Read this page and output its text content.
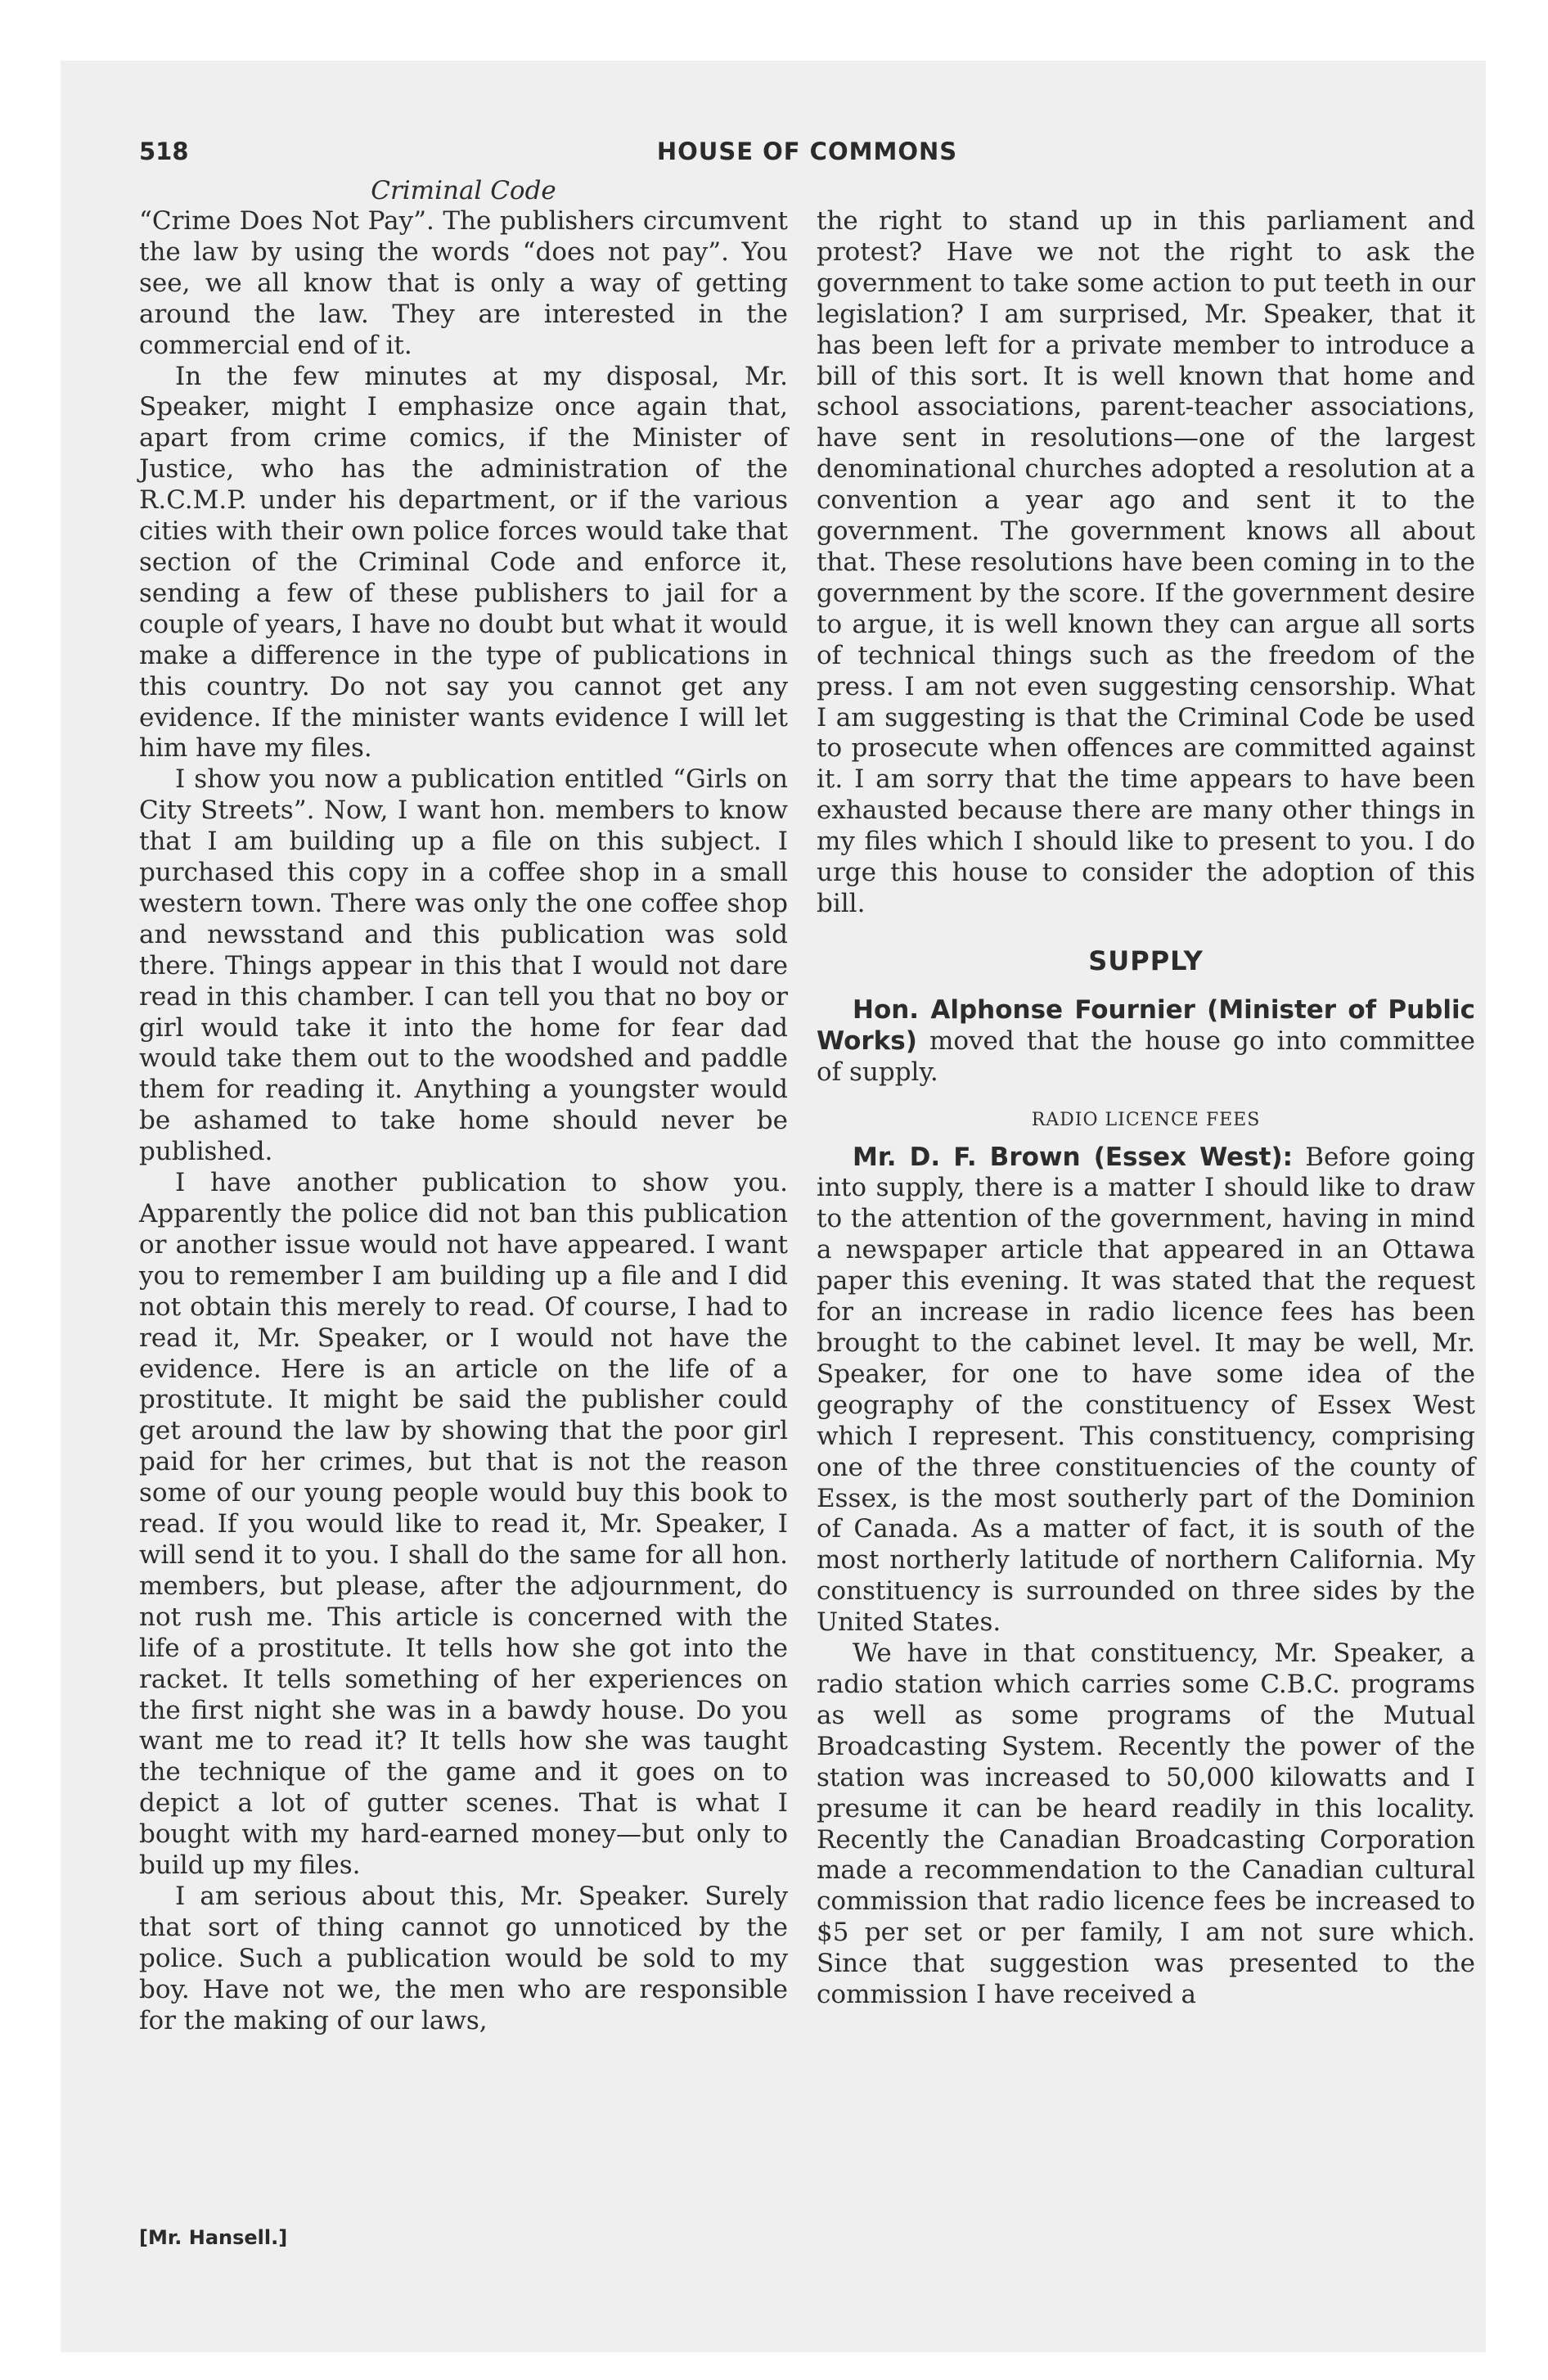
518	HOUSE OF COMMONS
Criminal Code

“Crime Does Not Pay”. The publishers circumvent the law by using the words “does not pay”. You see, we all know that is only a way of getting around the law. They are interested in the commercial end of it.

In the few minutes at my disposal, Mr. Speaker, might I emphasize once again that, apart from crime comics, if the Minister of Justice, who has the administration of the R.C.M.P. under his department, or if the various cities with their own police forces would take that section of the Criminal Code and enforce it, sending a few of these publishers to jail for a couple of years, I have no doubt but what it would make a difference in the type of publications in this country. Do not say you cannot get any evidence. If the minister wants evidence I will let him have my files.

I show you now a publication entitled “Girls on City Streets”. Now, I want hon. members to know that I am building up a file on this subject. I purchased this copy in a coffee shop in a small western town. There was only the one coffee shop and newsstand and this publication was sold there. Things appear in this that I would not dare read in this chamber. I can tell you that no boy or girl would take it into the home for fear dad would take them out to the woodshed and paddle them for reading it. Anything a youngster would be ashamed to take home should never be published.

I have another publication to show you. Apparently the police did not ban this publication or another issue would not have appeared. I want you to remember I am building up a file and I did not obtain this merely to read. Of course, I had to read it, Mr. Speaker, or I would not have the evidence. Here is an article on the life of a prostitute. It might be said the publisher could get around the law by showing that the poor girl paid for her crimes, but that is not the reason some of our young people would buy this book to read. If you would like to read it, Mr. Speaker, I will send it to you. I shall do the same for all hon. members, but please, after the adjournment, do not rush me. This article is concerned with the life of a prostitute. It tells how she got into the racket. It tells something of her experiences on the first night she was in a bawdy house. Do you want me to read it? It tells how she was taught the technique of the game and it goes on to depict a lot of gutter scenes. That is what I bought with my hard-earned money—but only to build up my files.

I am serious about this, Mr. Speaker. Surely that sort of thing cannot go unnoticed by the police. Such a publication would be sold to my boy. Have not we, the men who are responsible for the making of our laws,

the right to stand up in this parliament and protest? Have we not the right to ask the government to take some action to put teeth in our legislation? I am surprised, Mr. Speaker, that it has been left for a private member to introduce a bill of this sort. It is well known that home and school associations, parent-teacher associations, have sent in resolutions—one of the largest denominational churches adopted a resolution at a convention a year ago and sent it to the government. The government knows all about that. These resolutions have been coming in to the government by the score. If the government desire to argue, it is well known they can argue all sorts of technical things such as the freedom of the press. I am not even suggesting censorship. What I am suggesting is that the Criminal Code be used to prosecute when offences are committed against it. I am sorry that the time appears to have been exhausted because there are many other things in my files which I should like to present to you. I do urge this house to consider the adoption of this bill.

SUPPLY

Hon. Alphonse Fournier (Minister of Public Works) moved that the house go into committee of supply.

RADIO LICENCE FEES

Mr. D. F. Brown (Essex West): Before going into supply, there is a matter I should like to draw to the attention of the government, having in mind a newspaper article that appeared in an Ottawa paper this evening. It was stated that the request for an increase in radio licence fees has been brought to the cabinet level. It may be well, Mr. Speaker, for one to have some idea of the geography of the constituency of Essex West which I represent. This constituency, comprising one of the three constituencies of the county of Essex, is the most southerly part of the Dominion of Canada. As a matter of fact, it is south of the most northerly latitude of northern California. My constituency is surrounded on three sides by the United States.

We have in that constituency, Mr. Speaker, a radio station which carries some C.B.C. programs as well as some programs of the Mutual Broadcasting System. Recently the power of the station was increased to 50,000 kilowatts and I presume it can be heard readily in this locality. Recently the Canadian Broadcasting Corporation made a recommendation to the Canadian cultural commission that radio licence fees be increased to $5 per set or per family, I am not sure which. Since that suggestion was presented to the commission I have received a

[Mr. Hansell.]
